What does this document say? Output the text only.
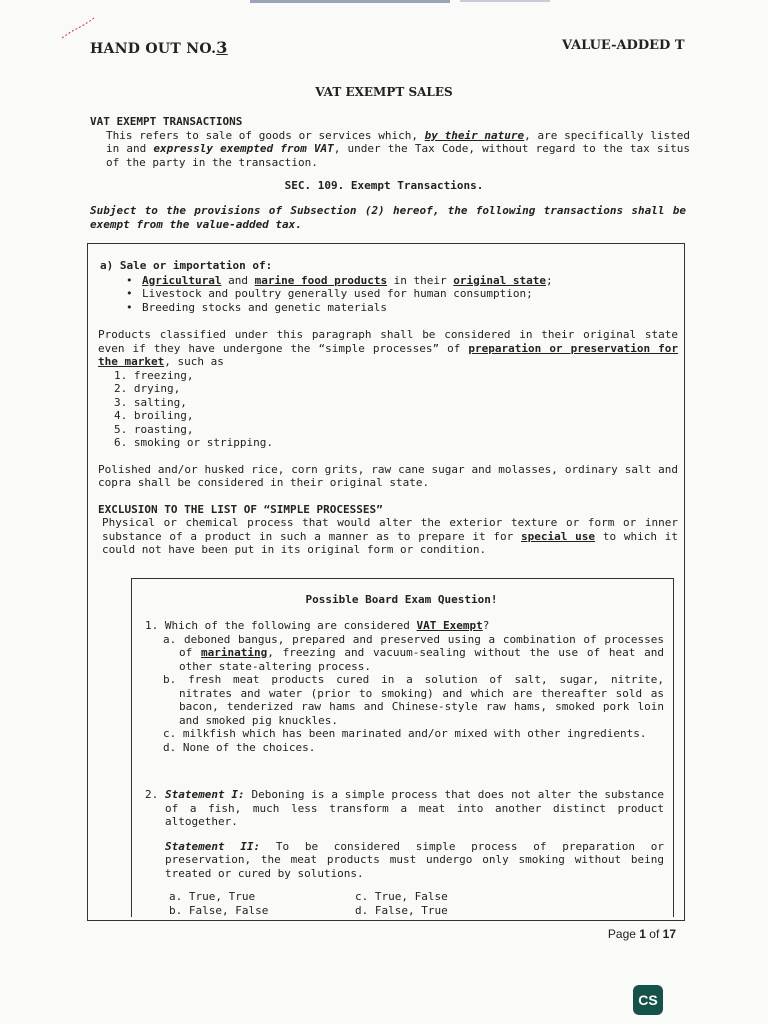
HAND OUT NO.3	VALUE-ADDED T
VAT EXEMPT SALES
VAT EXEMPT TRANSACTIONS

This refers to sale of goods or services which, by their nature, are specifically listed in and expressly exempted from VAT, under the Tax Code, without regard to the tax situs of the party in the transaction.

SEC. 109. Exempt Transactions.
Subject to the provisions of Subsection (2) hereof, the following transactions shall be exempt from the value-added tax.
a) Sale or importation of:
• Agricultural and marine food products in their original state;
• Livestock and poultry generally used for human consumption;
• Breeding stocks and genetic materials

Products classified under this paragraph shall be considered in their original state even if they have undergone the “simple processes” of preparation or preservation for the market, such as

1. freezing,
2. drying,
3. salting,
4. broiling,
5. roasting,
6. smoking or stripping.

Polished and/or husked rice, corn grits, raw cane sugar and molasses, ordinary salt and copra shall be considered in their original state.

EXCLUSION TO THE LIST OF “SIMPLE PROCESSES”

Physical or chemical process that would alter the exterior texture or form or inner substance of a product in such a manner as to prepare it for special use to which it could not have been put in its original form or condition.

Possible Board Exam Question!
1. Which of the following are considered VAT Exempt?

a. deboned bangus, prepared and preserved using a combination of processes of marinating, freezing and vacuum-sealing without the use of heat and other state-altering process.

b. fresh meat products cured in a solution of salt, sugar, nitrite, nitrates and water (prior to smoking) and which are thereafter sold as bacon, tenderized raw hams and Chinese-style raw hams, smoked pork loin and smoked pig knuckles.

c. milkfish which has been marinated and/or mixed with other ingredients.

d. None of the choices.

2. Statement I: Deboning is a simple process that does not alter the substance of a fish, much less transform a meat into another distinct product altogether.

Statement II: To be considered simple process of preparation or preservation, the meat products must undergo only smoking without being treated or cured by solutions.

a. True, True	c. True, False
b. False, False	d. False, True
Page 1 of 17
CS
